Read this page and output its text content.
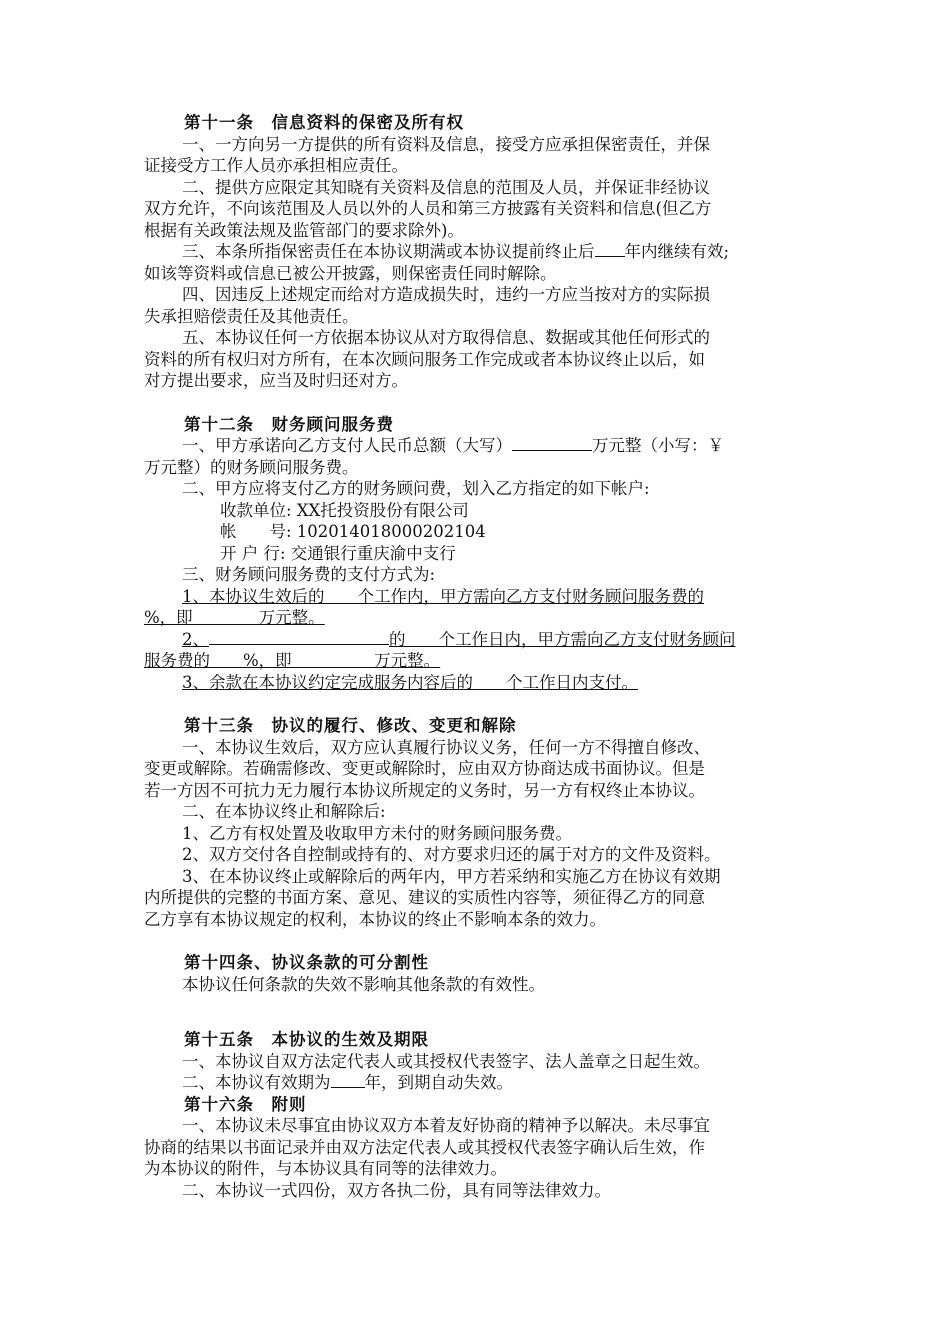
第十一条　信息资料的保密及所有权
一、一方向另一方提供的所有资料及信息，接受方应承担保密责任，并保
证接受方工作人员亦承担相应责任。
二、提供方应限定其知晓有关资料及信息的范围及人员，并保证非经协议
双方允许，不向该范围及人员以外的人员和第三方披露有关资料和信息(但乙方
根据有关政策法规及监管部门的要求除外)。
三、本条所指保密责任在本协议期满或本协议提前终止后 年内继续有效;
如该等资料或信息已被公开披露，则保密责任同时解除。
四、因违反上述规定而给对方造成损失时，违约一方应当按对方的实际损
失承担赔偿责任及其他责任。
五、本协议任何一方依据本协议从对方取得信息、数据或其他任何形式的
资料的所有权归对方所有，在本次顾问服务工作完成或者本协议终止以后，如
对方提出要求，应当及时归还对方。
第十二条　财务顾问服务费
一、甲方承诺向乙方支付人民币总额（大写）	万元整（小写：￥
万元整）的财务顾问服务费。
二、甲方应将支付乙方的财务顾问费，划入乙方指定的如下帐户:
收款单位: XX托投资股份有限公司
帐　　号: 102014018000202104
开 户 行: 交通银行重庆渝中支行
三、财务顾问服务费的支付方式为:
1、本协议生效后的　　个工作内，甲方需向乙方支付财务顾问服务费的
%，即　　　　万元整。
2、	的　　个工作日内，甲方需向乙方支付财务顾问
服务费的　　%，即　　　　　万元整。
3、余款在本协议约定完成服务内容后的　　个工作日内支付。
第十三条　协议的履行、修改、变更和解除
一、本协议生效后，双方应认真履行协议义务，任何一方不得擅自修改、
变更或解除。若确需修改、变更或解除时，应由双方协商达成书面协议。但是
若一方因不可抗力无力履行本协议所规定的义务时，另一方有权终止本协议。
二、在本协议终止和解除后:
1、乙方有权处置及收取甲方未付的财务顾问服务费。
2、双方交付各自控制或持有的、对方要求归还的属于对方的文件及资料。
3、在本协议终止或解除后的两年内，甲方若采纳和实施乙方在协议有效期
内所提供的完整的书面方案、意见、建议的实质性内容等，须征得乙方的同意
乙方享有本协议规定的权利，本协议的终止不影响本条的效力。
第十四条、协议条款的可分割性
本协议任何条款的失效不影响其他条款的有效性。
第十五条　本协议的生效及期限
一、本协议自双方法定代表人或其授权代表签字、法人盖章之日起生效。
二、本协议有效期为 年，到期自动失效。
第十六条　附则
一、本协议未尽事宜由协议双方本着友好协商的精神予以解决。未尽事宜
协商的结果以书面记录并由双方法定代表人或其授权代表签字确认后生效，作
为本协议的附件，与本协议具有同等的法律效力。
二、本协议一式四份，双方各执二份，具有同等法律效力。
